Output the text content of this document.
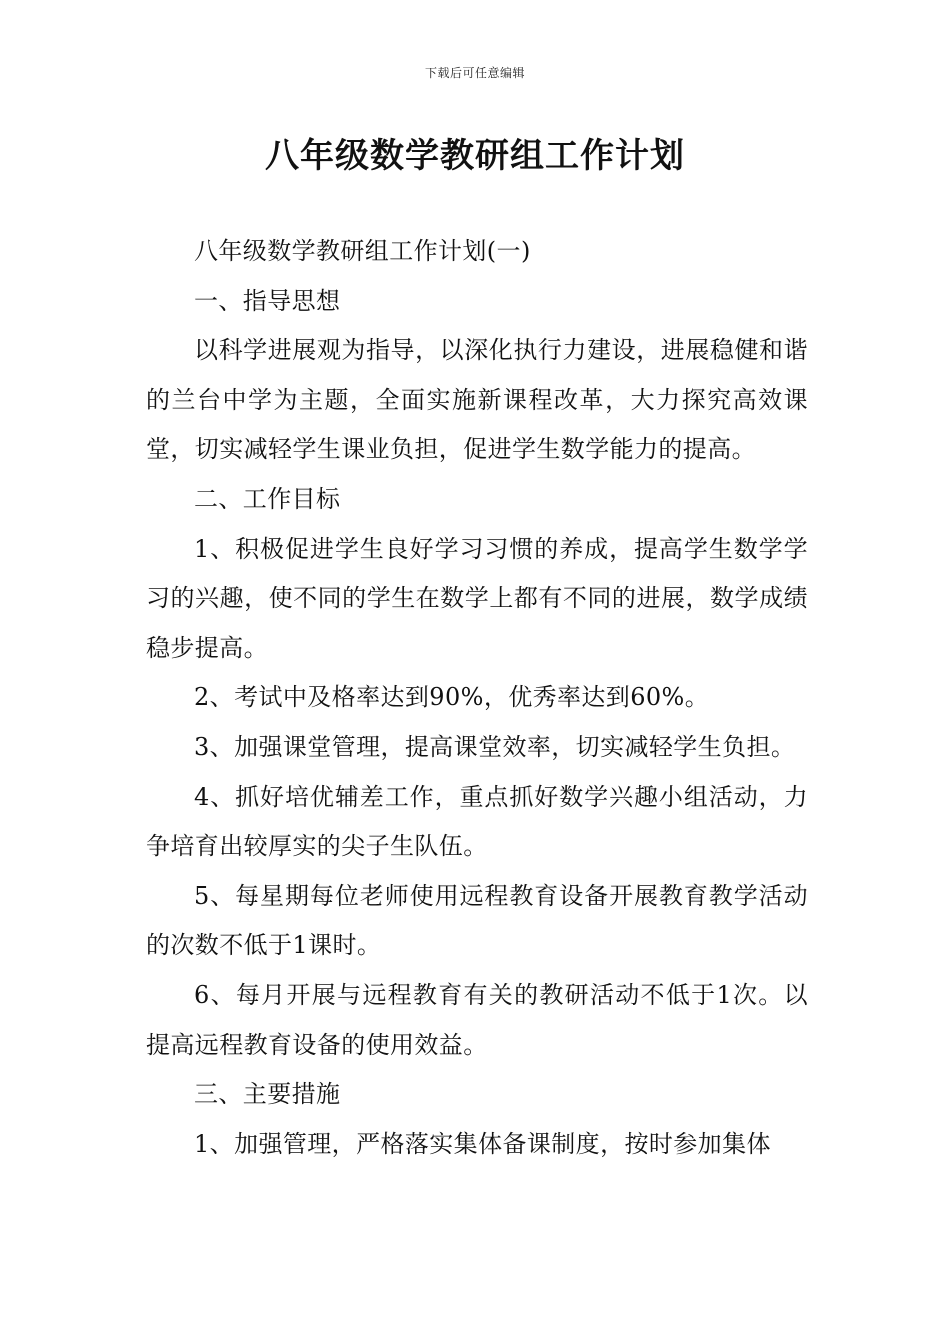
下载后可任意编辑
八年级数学教研组工作计划

八年级数学教研组工作计划(一)

一、指导思想

以科学进展观为指导，以深化执行力建设，进展稳健和谐的兰台中学为主题，全面实施新课程改革，大力探究高效课堂，切实减轻学生课业负担，促进学生数学能力的提高。

二、工作目标

1、积极促进学生良好学习习惯的养成，提高学生数学学习的兴趣，使不同的学生在数学上都有不同的进展，数学成绩稳步提高。

2、考试中及格率达到90%，优秀率达到60%。

3、加强课堂管理，提高课堂效率，切实减轻学生负担。

4、抓好培优辅差工作，重点抓好数学兴趣小组活动，力争培育出较厚实的尖子生队伍。

5、每星期每位老师使用远程教育设备开展教育教学活动的次数不低于1课时。

6、每月开展与远程教育有关的教研活动不低于1次。以提高远程教育设备的使用效益。

三、主要措施

1、加强管理，严格落实集体备课制度，按时参加集体
